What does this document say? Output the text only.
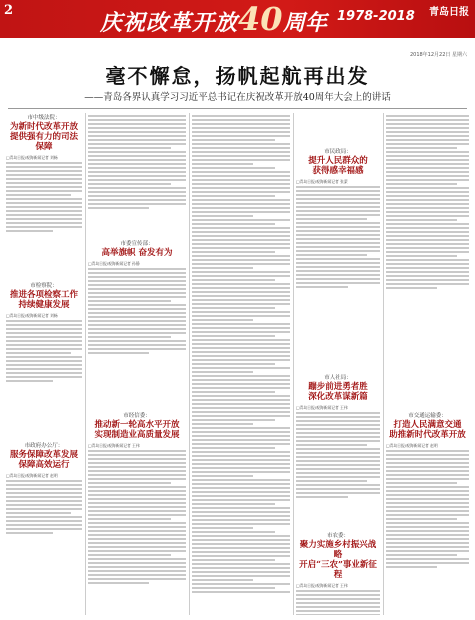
2	庆祝改革开放 40 周年 1978-2018 青岛日报
2018年12月22日 星期六
毫不懈怠，扬帆起航再出发
——青岛各界认真学习习近平总书记在庆祝改革开放40周年大会上的讲话
市中级法院：
为新时代改革开放
提供强有力的司法保障
□青岛日报/观海新闻记者 刘畅
市检察院：
推进各项检察工作
持续健康发展
□青岛日报/观海新闻记者 刘畅
市政府办公厅：
服务保障改革发展
保障高效运行
□青岛日报/观海新闻记者 赵明
市委宣传部：
高举旗帜 奋发有为
□青岛日报/观海新闻记者 孙静
市经信委：
推动新一轮高水平开放
实现制造业高质量发展
□青岛日报/观海新闻记者 王伟
市民政局：
提升人民群众的
获得感幸福感
□青岛日报/观海新闻记者 张蒙
市人社局：
蹦步前进勇者胜
深化改革谋新篇
□青岛日报/观海新闻记者 王伟
市农委：
聚力实施乡村振兴战略
开启“三农”事业新征程
□青岛日报/观海新闻记者 王伟
市交通运输委：
打造人民满意交通
助推新时代改革开放
□青岛日报/观海新闻记者 赵明
